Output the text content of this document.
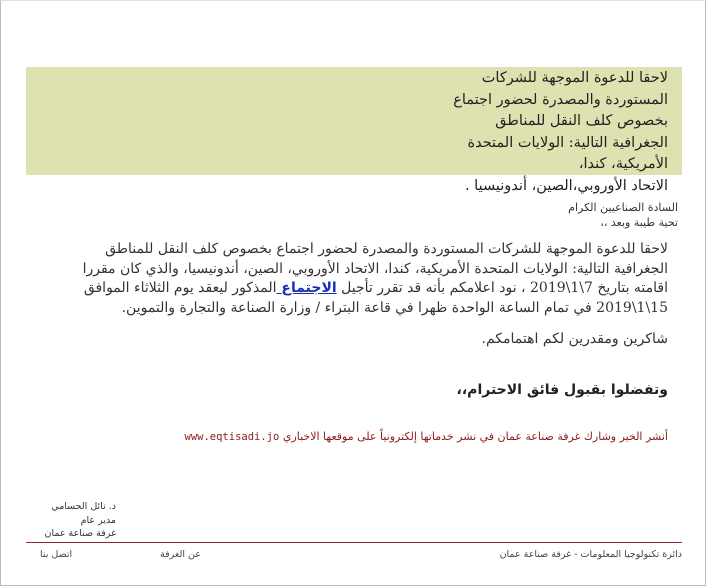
لاحقا للدعوة الموجهة للشركات
المستوردة والمصدرة لحضور اجتماع
بخصوص كلف النقل للمناطق
الجغرافية التالية: الولايات المتحدة
الأمريكية، كندا،
الاتحاد الأوروبي،الصين، أندونيسيا .
السادة الصناعيين الكرام
تحية طيبة وبعد ،،
لاحقا للدعوة الموجهة للشركات المستوردة والمصدرة لحضور اجتماع بخصوص كلف النقل للمناطق
الجغرافية التالية: الولايات المتحدة الأمريكية، كندا، الاتحاد الأوروبي، الصين، أندونيسيا، والذي كان مقررا
اقامته بتاريخ 7\1\2019 ، نود اعلامكم بأنه قد تقرر تأجيل الاجتماع المذكور ليعقد يوم الثلاثاء الموافق
15\1\2019 في تمام الساعة الواحدة ظهرا في قاعة البتراء / وزارة الصناعة والتجارة والتموين.
شاكرين ومقدرين لكم اهتمامكم.
وتفضلوا بقبول فائق الاحترام،،
أنشر الخير وشارك غرفة صناعة عمان في نشر خدماتها إلكترونياً على موقعها الاخباري www.eqtisadi.jo
د. نائل الحسامي
مدير عام
غرفة صناعة عمان
دائرة تكنولوجيا المعلومات - غرفة صناعة عمان
عن الغرفة
اتصل بنا
